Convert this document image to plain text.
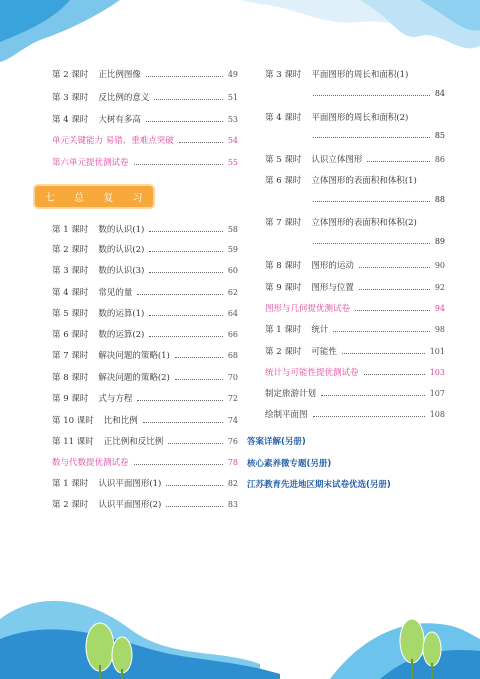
第 2 课时 正比例图像	49
第 3 课时 反比例的意义	51
第 4 课时 大树有多高	53
单元关键能力 易错、重难点突破	54
第六单元提优测试卷	55
七 总 复 习
第 1 课时 数的认识(1)	58
第 2 课时 数的认识(2)	59
第 3 课时 数的认识(3)	60
第 4 课时 常见的量	62
第 5 课时 数的运算(1)	64
第 6 课时 数的运算(2)	66
第 7 课时 解决问题的策略(1)	68
第 8 课时 解决问题的策略(2)	70
第 9 课时 式与方程	72
第 10 课时 比和比例	74
第 11 课时 正比例和反比例	76
数与代数提优测试卷	78
第 1 课时 认识平面图形(1)	82
第 2 课时 认识平面图形(2)	83
第 3 课时 平面图形的周长和面积(1)
84
第 4 课时 平面图形的周长和面积(2)
85
第 5 课时 认识立体图形	86
第 6 课时 立体图形的表面积和体积(1)
88
第 7 课时 立体图形的表面积和体积(2)
89
第 8 课时 图形的运动	90
第 9 课时 图形与位置	92
图形与几何提优测试卷	94
第 1 课时 统计	98
第 2 课时 可能性	101
统计与可能性提优测试卷	103
制定旅游计划	107
绘制平面图	108
答案详解(另册)
核心素养微专题(另册)
江苏教育先进地区期末试卷优选(另册)
